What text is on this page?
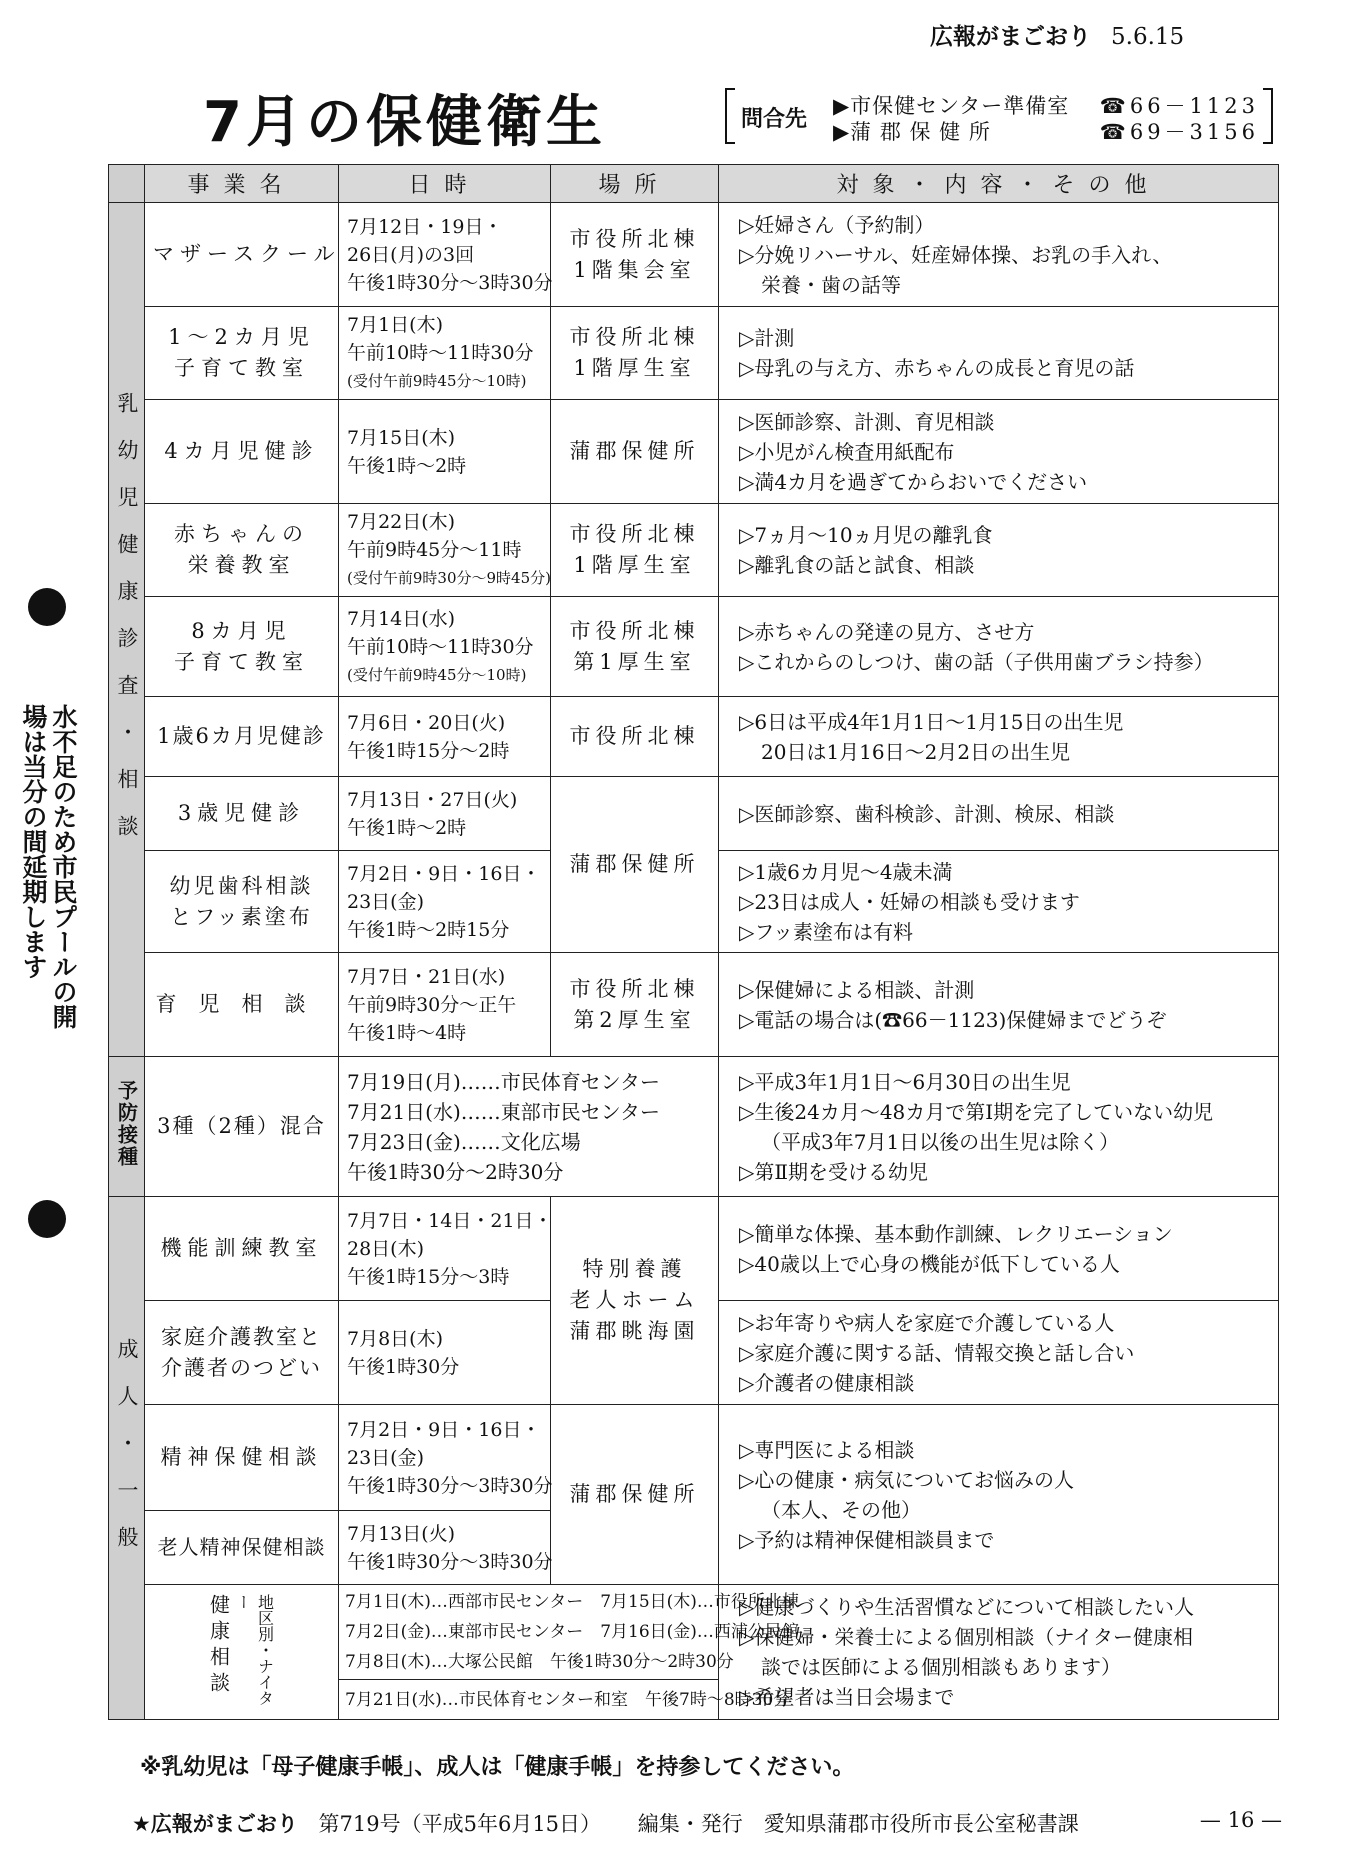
広報がまごおり 5.6.15
7月の保健衛生	問合先
▶市保健センター準備室 ☎66－1123
▶蒲 郡 保 健 所	☎69－3156
水不足のため市民プールの開場は当分の間延期します
	事業名	日時	場所	対象・内容・その他
乳幼児健康診査・相談	マザースクール	7月12日・19日・
26日(月)の3回
午後1時30分～3時30分	市役所北棟
1階集会室	▷妊婦さん（予約制）
▷分娩リハーサル、妊産婦体操、お乳の手入れ、
栄養・歯の話等

	1～2カ月児
子育て教室	7月1日(木)
午前10時～11時30分
(受付午前9時45分～10時)	市役所北棟
1階厚生室	▷計測
▷母乳の与え方、赤ちゃんの成長と育児の話

	4カ月児健診	7月15日(木)
午後1時～2時	蒲郡保健所	▷医師診察、計測、育児相談
▷小児がん検査用紙配布
▷満4カ月を過ぎてからおいでください

	赤ちゃんの
栄養教室	7月22日(木)
午前9時45分～11時
(受付午前9時30分～9時45分)	市役所北棟
1階厚生室	▷7ヵ月～10ヵ月児の離乳食
▷離乳食の話と試食、相談

	8カ月児
子育て教室	7月14日(水)
午前10時～11時30分
(受付午前9時45分～10時)	市役所北棟
第1厚生室	▷赤ちゃんの発達の見方、させ方
▷これからのしつけ、歯の話（子供用歯ブラシ持参）

	1歳6カ月児健診	7月6日・20日(火)
午後1時15分～2時	市役所北棟	▷6日は平成4年1月1日～1月15日の出生児
20日は1月16日～2月2日の出生児

	3歳児健診	7月13日・27日(火)
午後1時～2時	蒲郡保健所	▷医師診察、歯科検診、計測、検尿、相談

	幼児歯科相談
とフッ素塗布	7月2日・9日・16日・
23日(金)
午後1時～2時15分		▷1歳6カ月児～4歳未満
▷23日は成人・妊婦の相談も受けます
▷フッ素塗布は有料

	育児相談	7月7日・21日(水)
午前9時30分～正午
午後1時～4時	市役所北棟
第2厚生室	▷保健婦による相談、計測
▷電話の場合は(☎66－1123)保健婦までどうぞ

予防接種	3種（2種）混合	7月19日(月)……市民体育センター
7月21日(水)……東部市民センター
7月23日(金)……文化広場
午後1時30分～2時30分		▷平成3年1月1日～6月30日の出生児
▷生後24カ月～48カ月で第Ⅰ期を完了していない幼児
（平成3年7月1日以後の出生児は除く）
▷第Ⅱ期を受ける幼児

成人・一般	機能訓練教室	7月7日・14日・21日・
28日(木)
午後1時15分～3時	特別養護
老人ホーム
蒲郡眺海園	▷簡単な体操、基本動作訓練、レクリエーション
▷40歳以上で心身の機能が低下している人

	家庭介護教室と
介護者のつどい	7月8日(木)
午後1時30分		▷お年寄りや病人を家庭で介護している人
▷家庭介護に関する話、情報交換と話し合い
▷介護者の健康相談

	精神保健相談	7月2日・9日・16日・
23日(金)
午後1時30分～3時30分	蒲郡保健所	▷専門医による相談
▷心の健康・病気についてお悩みの人
（本人、その他）
▷予約は精神保健相談員まで

	老人精神保健相談	7月13日(火)
午後1時30分～3時30分		

	健康相談 地区別・ナイター	7月1日(木)…西部市民センター　7月15日(木)…市役所北棟
7月2日(金)…東部市民センター　7月16日(金)…西浦公民館
7月8日(木)…大塚公民館　午後1時30分～2時30分		▷健康づくりや生活習慣などについて相談したい人
▷保健婦・栄養士による個別相談（ナイター健康相
談では医師による個別相談もあります）
▷希望者は当日会場まで

		7月21日(水)…市民体育センター和室　午後7時～8時30分		
※乳幼児は「母子健康手帳」、成人は「健康手帳」を持参してください。
★広報がまごおり 第719号（平成5年6月15日） 編集・発行　愛知県蒲郡市役所市長公室秘書課	— 16 —
